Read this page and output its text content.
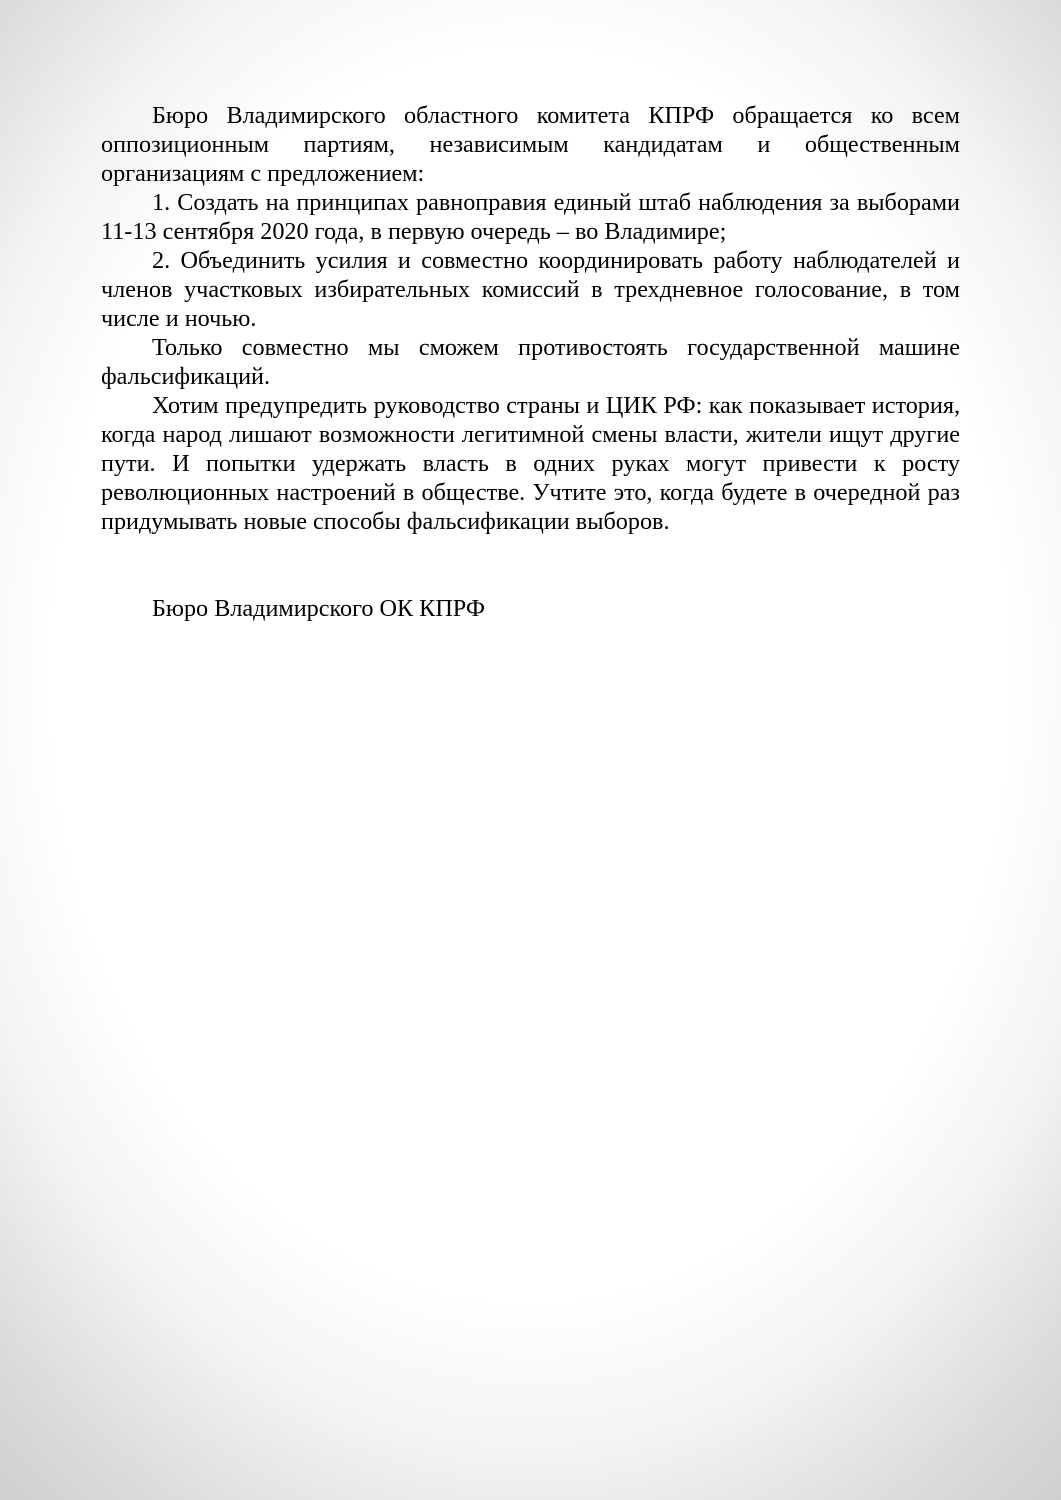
Бюро Владимирского областного комитета КПРФ обращается ко всем оппозиционным партиям, независимым кандидатам и общественным организациям с предложением:

1. Создать на принципах равноправия единый штаб наблюдения за выборами 11-13 сентября 2020 года, в первую очередь – во Владимире;

2. Объединить усилия и совместно координировать работу наблюдателей и членов участковых избирательных комиссий в трехдневное голосование, в том числе и ночью.

Только совместно мы сможем противостоять государственной машине фальсификаций.

Хотим предупредить руководство страны и ЦИК РФ: как показывает история, когда народ лишают возможности легитимной смены власти, жители ищут другие пути. И попытки удержать власть в одних руках могут привести к росту революционных настроений в обществе. Учтите это, когда будете в очередной раз придумывать новые способы фальсификации выборов.

Бюро Владимирского ОК КПРФ
